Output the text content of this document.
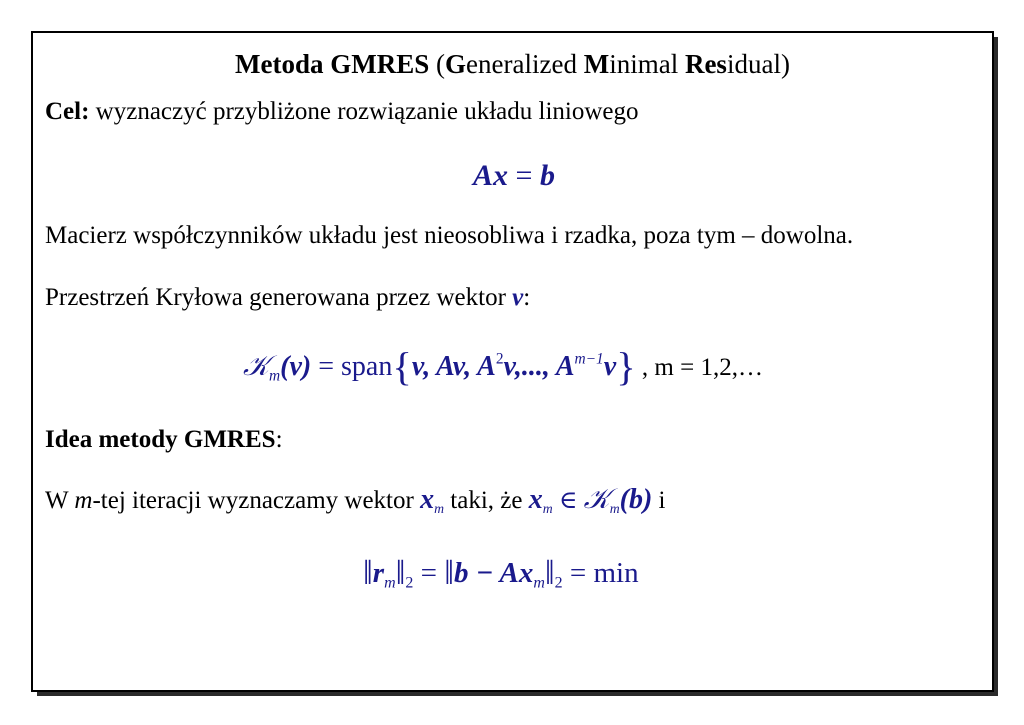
Metoda GMRES (Generalized Minimal Residual)
Cel: wyznaczyć przybliżone rozwiązanie układu liniowego
Ax = b
Macierz współczynników układu jest nieosobliwa i rzadka, poza tym – dowolna.
Przestrzeń Kryłowa generowana przez wektor v:
𝒦$_m$(v) = span{v, Av, $A^2v$,..., $A^{m-1}v$} , m = 1,2,…
Idea metody GMRES:
W m-tej iteracji wyznaczamy wektor $x_m$ taki, że $x_m$ ∈ 𝒦$_m$(b) i
$‖r_m‖_2$ = ‖b − $Ax_m‖_2 = \min$
